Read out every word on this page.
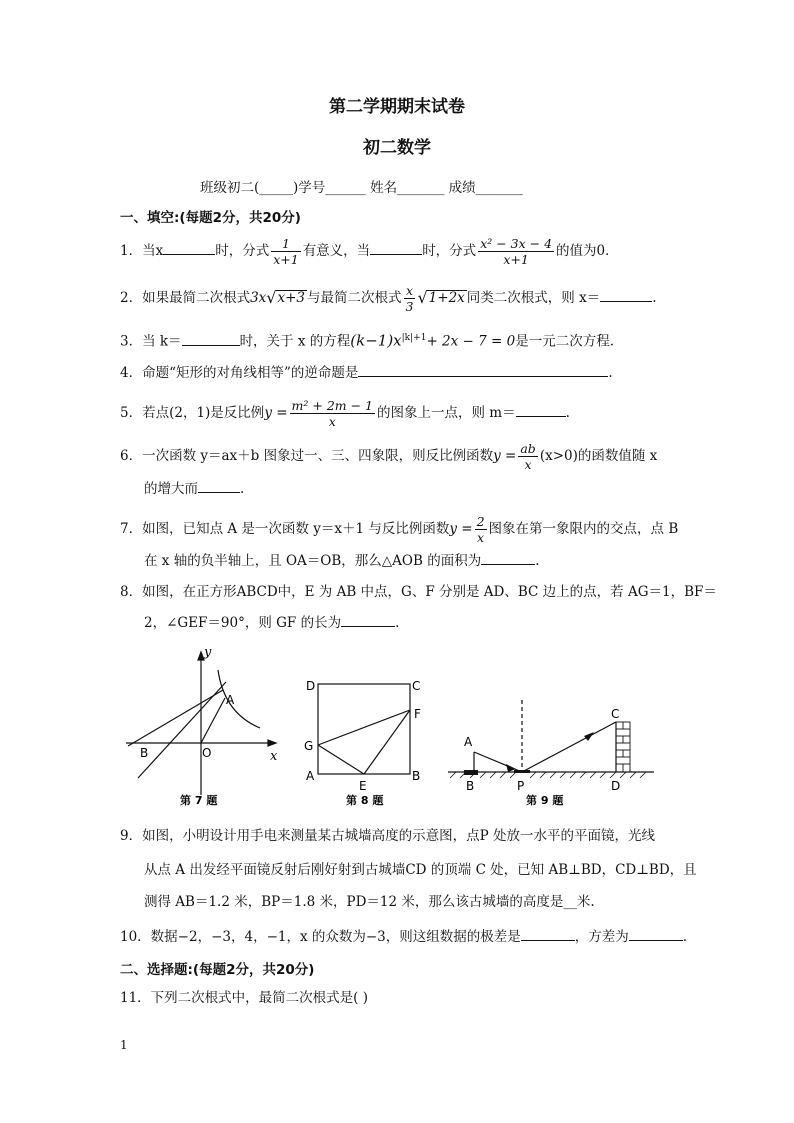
第二学期期末试卷
初二数学
班级初二(_____)学号______ 姓名_______ 成绩_______
一、填空:(每题2分，共20分)
1．当x	时，分式 $\frac{1}{x+1}$ 有意义，当	时，分式 $\frac{\text{x² − 3x − 4}}{x+1}$ 的值为0．
2．如果最简二次根式3x√x+3 与最简二次根式 $\frac{x}{3} √1+2x$ 同类二次根式，则 x＝	.
3．当 k＝	时，关于 x 的方程$(k-1)x^{|k|+1}+ 2x - 7 = 0$是一元二次方程.
4．命题“矩形的对角线相等”的逆命题是	.
5．若点(2，1)是反比例$y = \frac{\text{m² + 2m − 1}}{x}$ 的图象上一点，则 m＝	.
6．一次函数 y＝ax＋b 图象过一、三、四象限，则反比例函数$y = \frac{ab}{x} (x>0)$的函数值随 x
的增大而	.
7．如图，已知点 A 是一次函数 y＝x＋1 与反比例函数$y = \frac{2}{x}$ 图象在第一象限内的交点，点 B
在 x 轴的负半轴上，且 OA＝OB，那么△AOB 的面积为	.
8．如图，在正方形ABCD中，E 为 AB 中点，G、F 分别是 AD、BC 边上的点，若 AG＝1，BF＝
2，∠GEF＝90°，则 GF 的长为	.
y
x
A
B	O
第 7 题
D	C
F
G
A
E
B
第 8 题
A
B	P
C
D
第 9 题
9．如图，小明设计用手电来测量某古城墙高度的示意图，点P 处放一水平的平面镜，光线
从点 A 出发经平面镜反射后刚好射到古城墙CD 的顶端 C 处，已知 AB⊥BD，CD⊥BD，且
测得 AB＝1.2 米，BP＝1.8 米，PD＝12 米，那么该古城墙的高度是__米.
10．数据−2，−3，4，−1，x 的众数为−3，则这组数据的极差是	，方差为	.
二、选择题:(每题2分，共20分)
11．下列二次根式中，最简二次根式是( )
1
